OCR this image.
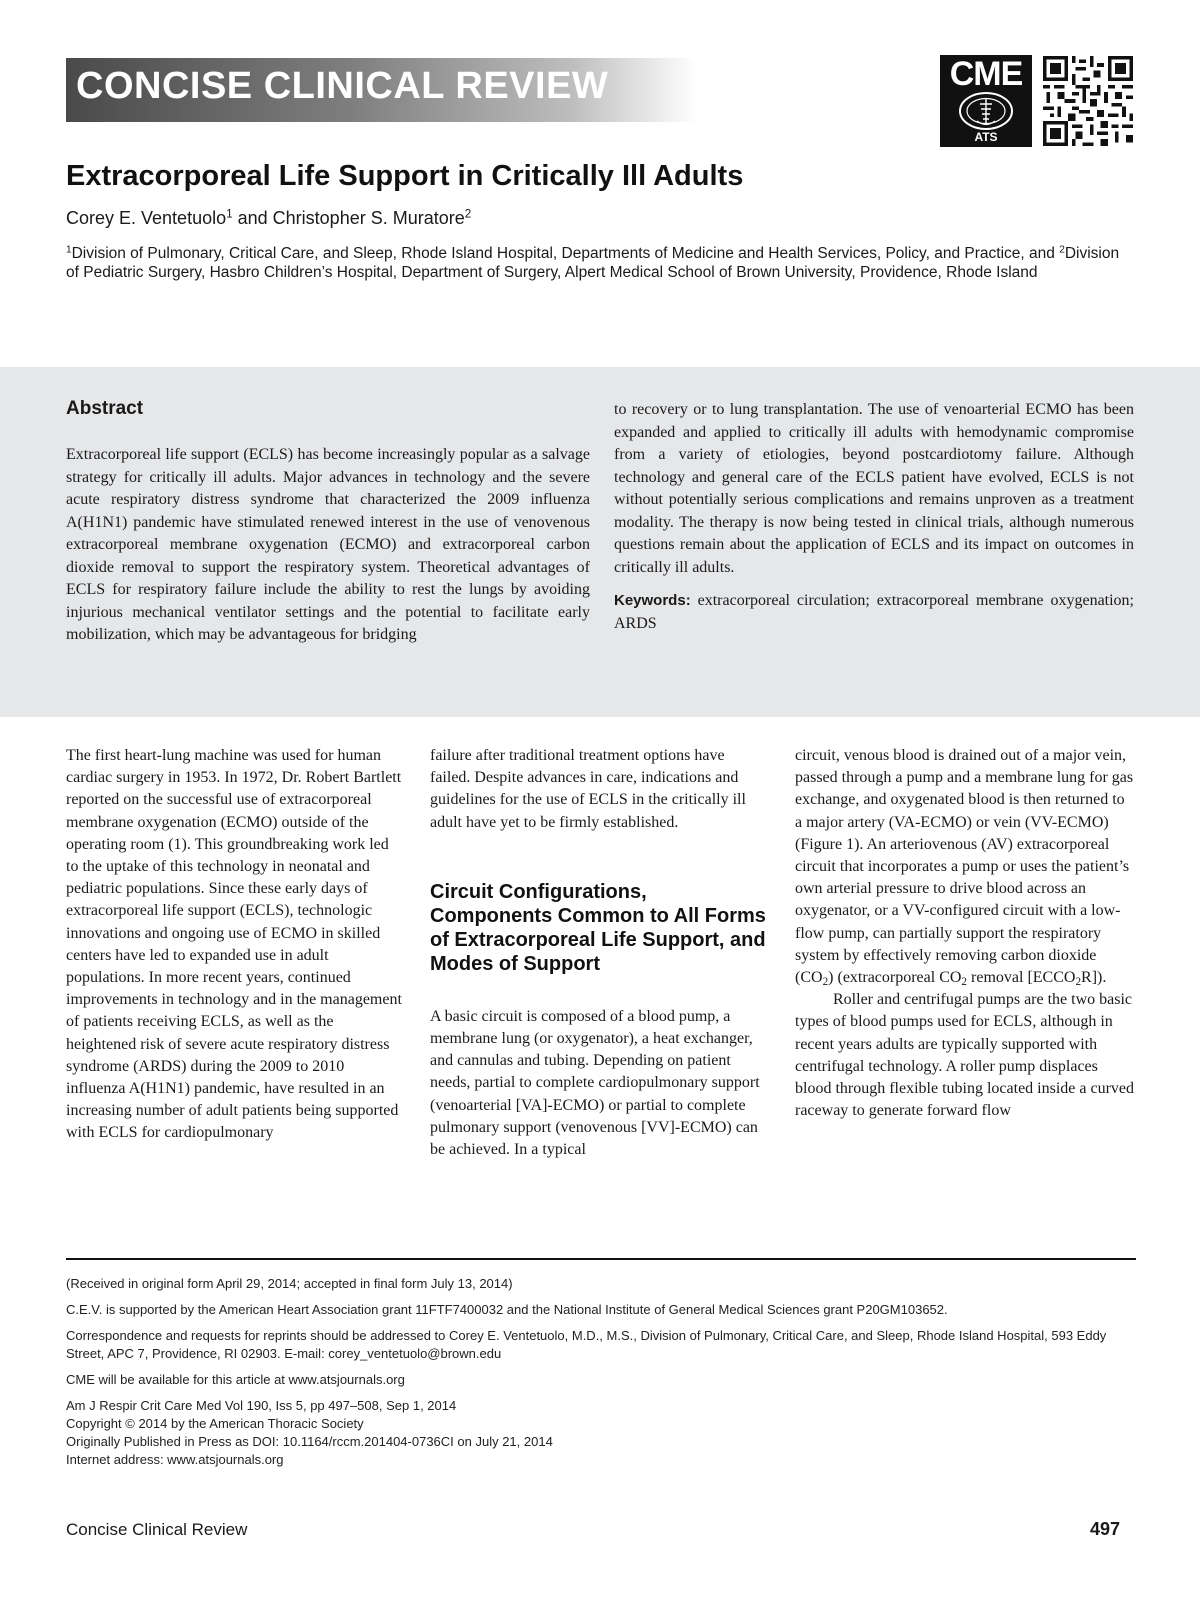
CONCISE CLINICAL REVIEW	CME
ATS
Extracorporeal Life Support in Critically Ill Adults
Corey E. Ventetuolo$^1$ and Christopher S. Muratore$^2$
$^1$Division of Pulmonary, Critical Care, and Sleep, Rhode Island Hospital, Departments of Medicine and Health Services, Policy, and Practice, and $^2$Division of Pediatric Surgery, Hasbro Children’s Hospital, Department of Surgery, Alpert Medical School of Brown University, Providence, Rhode Island
Abstract
Extracorporeal life support (ECLS) has become increasingly popular as a salvage strategy for critically ill adults. Major advances in technology and the severe acute respiratory distress syndrome that characterized the 2009 influenza A(H1N1) pandemic have stimulated renewed interest in the use of venovenous extracorporeal membrane oxygenation (ECMO) and extracorporeal carbon dioxide removal to support the respiratory system. Theoretical advantages of ECLS for respiratory failure include the ability to rest the lungs by avoiding injurious mechanical ventilator settings and the potential to facilitate early mobilization, which may be advantageous for bridging
to recovery or to lung transplantation. The use of venoarterial ECMO has been expanded and applied to critically ill adults with hemodynamic compromise from a variety of etiologies, beyond postcardiotomy failure. Although technology and general care of the ECLS patient have evolved, ECLS is not without potentially serious complications and remains unproven as a treatment modality. The therapy is now being tested in clinical trials, although numerous questions remain about the application of ECLS and its impact on outcomes in critically ill adults.
Keywords: extracorporeal circulation; extracorporeal membrane oxygenation; ARDS

The first heart-lung machine was used for human cardiac surgery in 1953. In 1972, Dr. Robert Bartlett reported on the successful use of extracorporeal membrane oxygenation (ECMO) outside of the operating room (1). This groundbreaking work led to the uptake of this technology in neonatal and pediatric populations. Since these early days of extracorporeal life support (ECLS), technologic innovations and ongoing use of ECMO in skilled centers have led to expanded use in adult populations. In more recent years, continued improvements in technology and in the management of patients receiving ECLS, as well as the heightened risk of severe acute respiratory distress syndrome (ARDS) during the 2009 to 2010 influenza A(H1N1) pandemic, have resulted in an increasing number of adult patients being supported with ECLS for cardiopulmonary

failure after traditional treatment options have failed. Despite advances in care, indications and guidelines for the use of ECLS in the critically ill adult have yet to be firmly established.

Circuit Configurations, Components Common to All Forms of Extracorporeal Life Support, and Modes of Support

A basic circuit is composed of a blood pump, a membrane lung (or oxygenator), a heat exchanger, and cannulas and tubing. Depending on patient needs, partial to complete cardiopulmonary support (venoarterial [VA]-ECMO) or partial to complete pulmonary support (venovenous [VV]-ECMO) can be achieved. In a typical

circuit, venous blood is drained out of a major vein, passed through a pump and a membrane lung for gas exchange, and oxygenated blood is then returned to a major artery (VA-ECMO) or vein (VV-ECMO) (Figure 1). An arteriovenous (AV) extracorporeal circuit that incorporates a pump or uses the patient’s own arterial pressure to drive blood across an oxygenator, or a VV-configured circuit with a low-flow pump, can partially support the respiratory system by effectively removing carbon dioxide $(CO_2)$ (extracorporeal $CO_2$ removal $[ECCO_2R]$).

Roller and centrifugal pumps are the two basic types of blood pumps used for ECLS, although in recent years adults are typically supported with centrifugal technology. A roller pump displaces blood through flexible tubing located inside a curved raceway to generate forward flow

(Received in original form April 29, 2014; accepted in final form July 13, 2014)

C.E.V. is supported by the American Heart Association grant 11FTF7400032 and the National Institute of General Medical Sciences grant P20GM103652.

Correspondence and requests for reprints should be addressed to Corey E. Ventetuolo, M.D., M.S., Division of Pulmonary, Critical Care, and Sleep, Rhode Island Hospital, 593 Eddy Street, APC 7, Providence, RI 02903. E-mail: corey_ventetuolo@brown.edu

CME will be available for this article at www.atsjournals.org

Am J Respir Crit Care Med Vol 190, Iss 5, pp 497–508, Sep 1, 2014

Copyright © 2014 by the American Thoracic Society

Originally Published in Press as DOI: 10.1164/rccm.201404-0736CI on July 21, 2014

Internet address: www.atsjournals.org

Concise Clinical Review	497
